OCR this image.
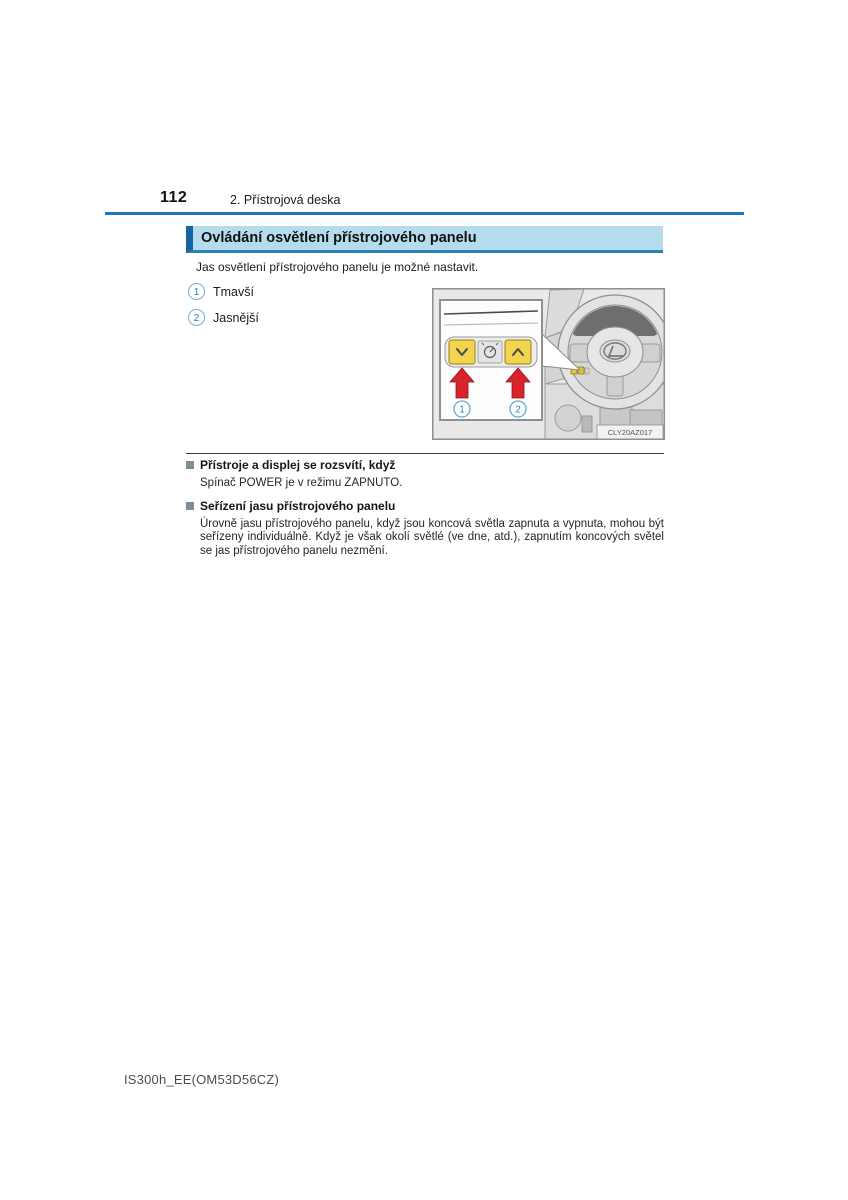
112	2. Přístrojová deska
Ovládání osvětlení přístrojového panelu

Jas osvětlení přístrojového panelu je možné nastavit.

1	Tmavší
2	Jasnější
1	2
CLY20AZ017
Přístroje a displej se rozsvítí, když

Spínač POWER je v režimu ZAPNUTO.

Seřízení jasu přístrojového panelu

Úrovně jasu přístrojového panelu, když jsou koncová světla zapnuta a vypnuta, mohou být seřízeny individuálně. Když je však okolí světlé (ve dne, atd.), zapnutím koncových světel se jas přístrojového panelu nezmění.

IS300h_EE(OM53D56CZ)
